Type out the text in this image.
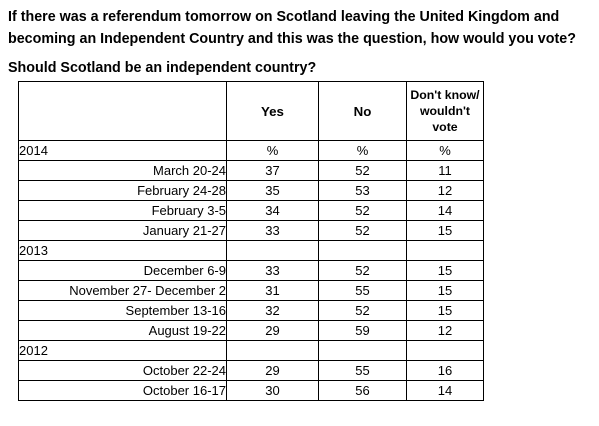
If there was a referendum tomorrow on Scotland leaving the United Kingdom and becoming an Independent Country and this was the question, how would you vote?
Should Scotland be an independent country?
	Yes	No	Don't know/ wouldn't vote
2014	%	%	%
March 20-24	37	52	11
February 24-28	35	53	12
February 3-5	34	52	14
January 21-27	33	52	15
2013			
December 6-9	33	52	15
November 27- December 2	31	55	15
September 13-16	32	52	15
August 19-22	29	59	12
2012			
October 22-24	29	55	16
October 16-17	30	56	14
